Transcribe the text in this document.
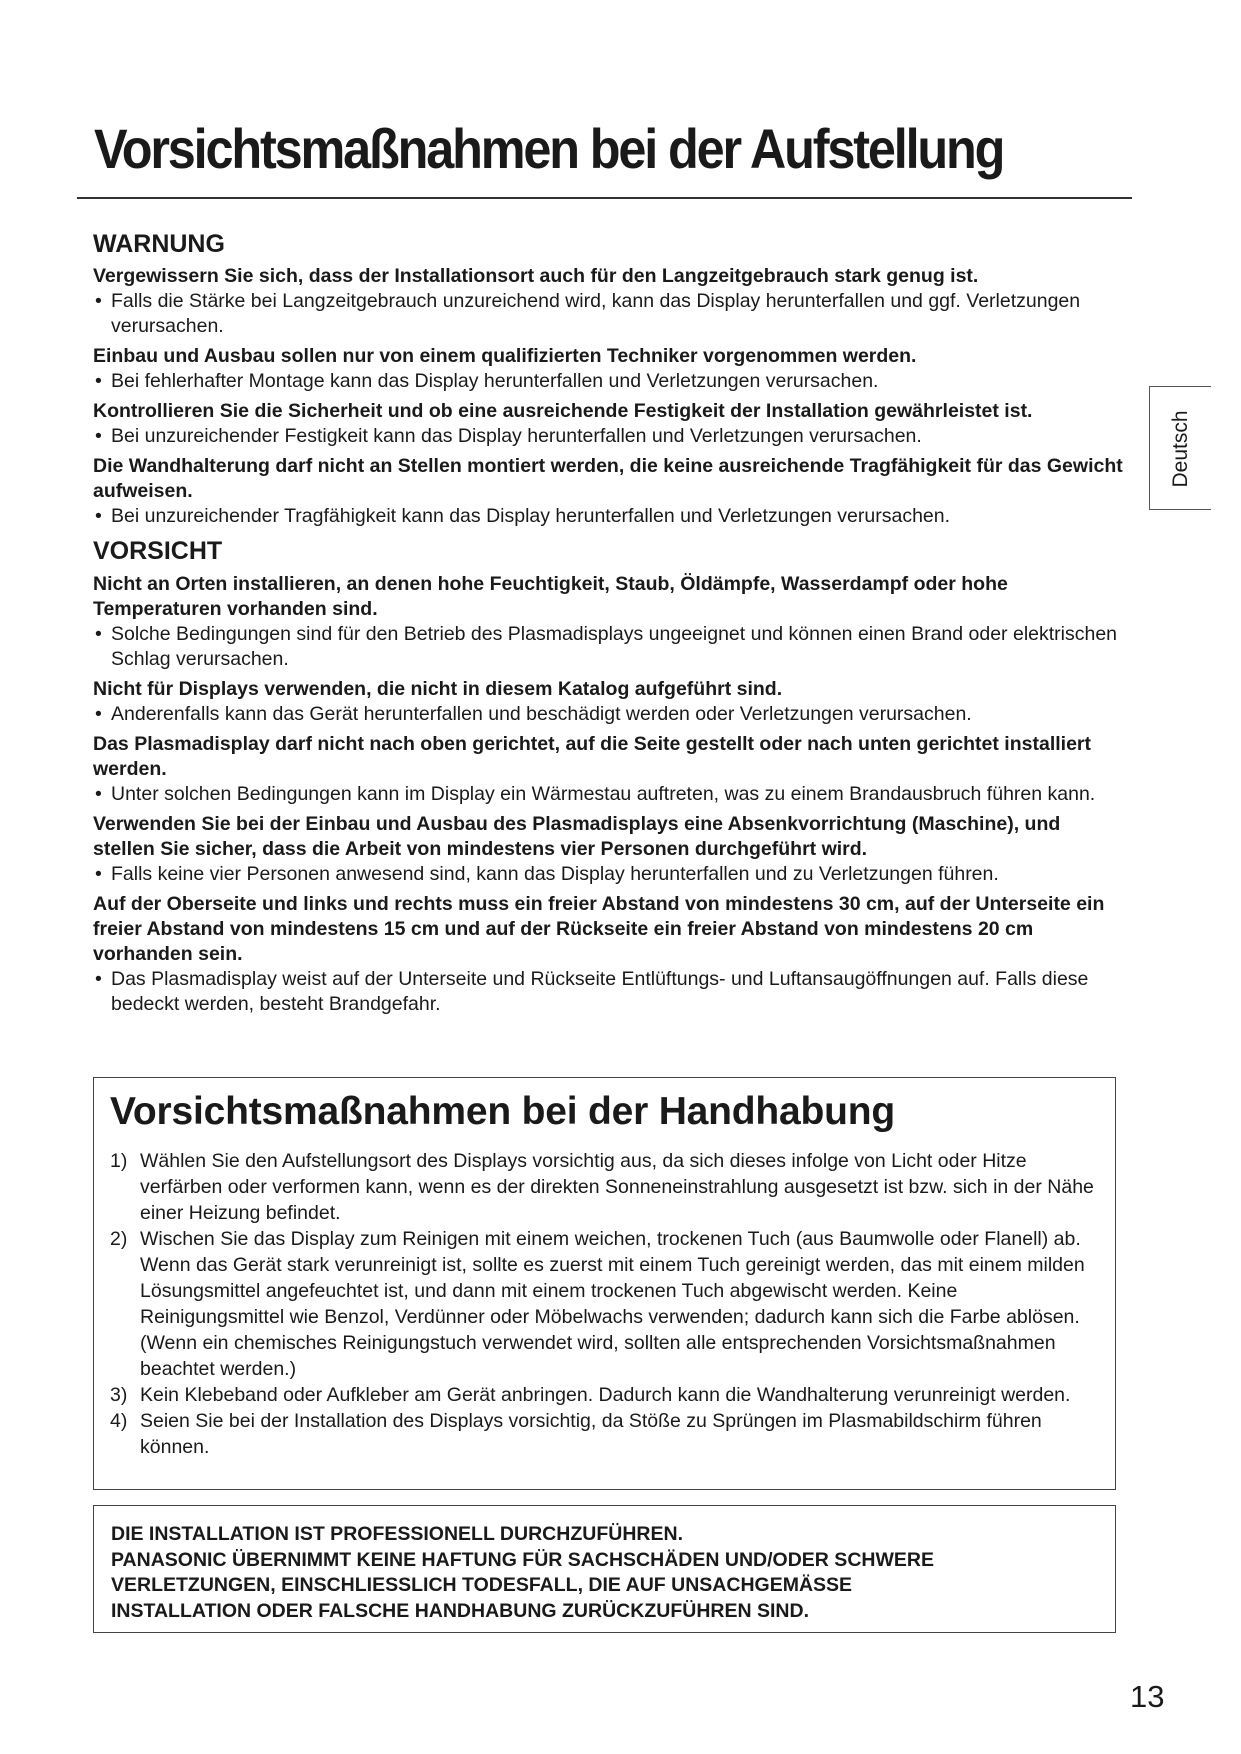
Vorsichtsmaßnahmen bei der Aufstellung
Deutsch
WARNUNG
Vergewissern Sie sich, dass der Installationsort auch für den Langzeitgebrauch stark genug ist.
• Falls die Stärke bei Langzeitgebrauch unzureichend wird, kann das Display herunterfallen und ggf. Verletzungen verursachen.
Einbau und Ausbau sollen nur von einem qualifizierten Techniker vorgenommen werden.
• Bei fehlerhafter Montage kann das Display herunterfallen und Verletzungen verursachen.
Kontrollieren Sie die Sicherheit und ob eine ausreichende Festigkeit der Installation gewährleistet ist.
• Bei unzureichender Festigkeit kann das Display herunterfallen und Verletzungen verursachen.
Die Wandhalterung darf nicht an Stellen montiert werden, die keine ausreichende Tragfähigkeit für das Gewicht aufweisen.
• Bei unzureichender Tragfähigkeit kann das Display herunterfallen und Verletzungen verursachen.
VORSICHT
Nicht an Orten installieren, an denen hohe Feuchtigkeit, Staub, Öldämpfe, Wasserdampf oder hohe Temperaturen vorhanden sind.
• Solche Bedingungen sind für den Betrieb des Plasmadisplays ungeeignet und können einen Brand oder elektrischen Schlag verursachen.
Nicht für Displays verwenden, die nicht in diesem Katalog aufgeführt sind.
• Anderenfalls kann das Gerät herunterfallen und beschädigt werden oder Verletzungen verursachen.
Das Plasmadisplay darf nicht nach oben gerichtet, auf die Seite gestellt oder nach unten gerichtet installiert werden.
• Unter solchen Bedingungen kann im Display ein Wärmestau auftreten, was zu einem Brandausbruch führen kann.
Verwenden Sie bei der Einbau und Ausbau des Plasmadisplays eine Absenkvorrichtung (Maschine), und stellen Sie sicher, dass die Arbeit von mindestens vier Personen durchgeführt wird.
• Falls keine vier Personen anwesend sind, kann das Display herunterfallen und zu Verletzungen führen.
Auf der Oberseite und links und rechts muss ein freier Abstand von mindestens 30 cm, auf der Unterseite ein freier Abstand von mindestens 15 cm und auf der Rückseite ein freier Abstand von mindestens 20 cm vorhanden sein.
• Das Plasmadisplay weist auf der Unterseite und Rückseite Entlüftungs- und Luftansaugöffnungen auf. Falls diese bedeckt werden, besteht Brandgefahr.
Vorsichtsmaßnahmen bei der Handhabung
1) Wählen Sie den Aufstellungsort des Displays vorsichtig aus, da sich dieses infolge von Licht oder Hitze verfärben oder verformen kann, wenn es der direkten Sonneneinstrahlung ausgesetzt ist bzw. sich in der Nähe einer Heizung befindet.
2) Wischen Sie das Display zum Reinigen mit einem weichen, trockenen Tuch (aus Baumwolle oder Flanell) ab. Wenn das Gerät stark verunreinigt ist, sollte es zuerst mit einem Tuch gereinigt werden, das mit einem milden Lösungsmittel angefeuchtet ist, und dann mit einem trockenen Tuch abgewischt werden. Keine Reinigungsmittel wie Benzol, Verdünner oder Möbelwachs verwenden; dadurch kann sich die Farbe ablösen. (Wenn ein chemisches Reinigungstuch verwendet wird, sollten alle entsprechenden Vorsichtsmaßnahmen beachtet werden.)
3) Kein Klebeband oder Aufkleber am Gerät anbringen. Dadurch kann die Wandhalterung verunreinigt werden.
4) Seien Sie bei der Installation des Displays vorsichtig, da Stöße zu Sprüngen im Plasmabildschirm führen können.
DIE INSTALLATION IST PROFESSIONELL DURCHZUFÜHREN.
PANASONIC ÜBERNIMMT KEINE HAFTUNG FÜR SACHSCHÄDEN UND/ODER SCHWERE
VERLETZUNGEN, EINSCHLIESSLICH TODESFALL, DIE AUF UNSACHGEMÄSSE
INSTALLATION ODER FALSCHE HANDHABUNG ZURÜCKZUFÜHREN SIND.
13
